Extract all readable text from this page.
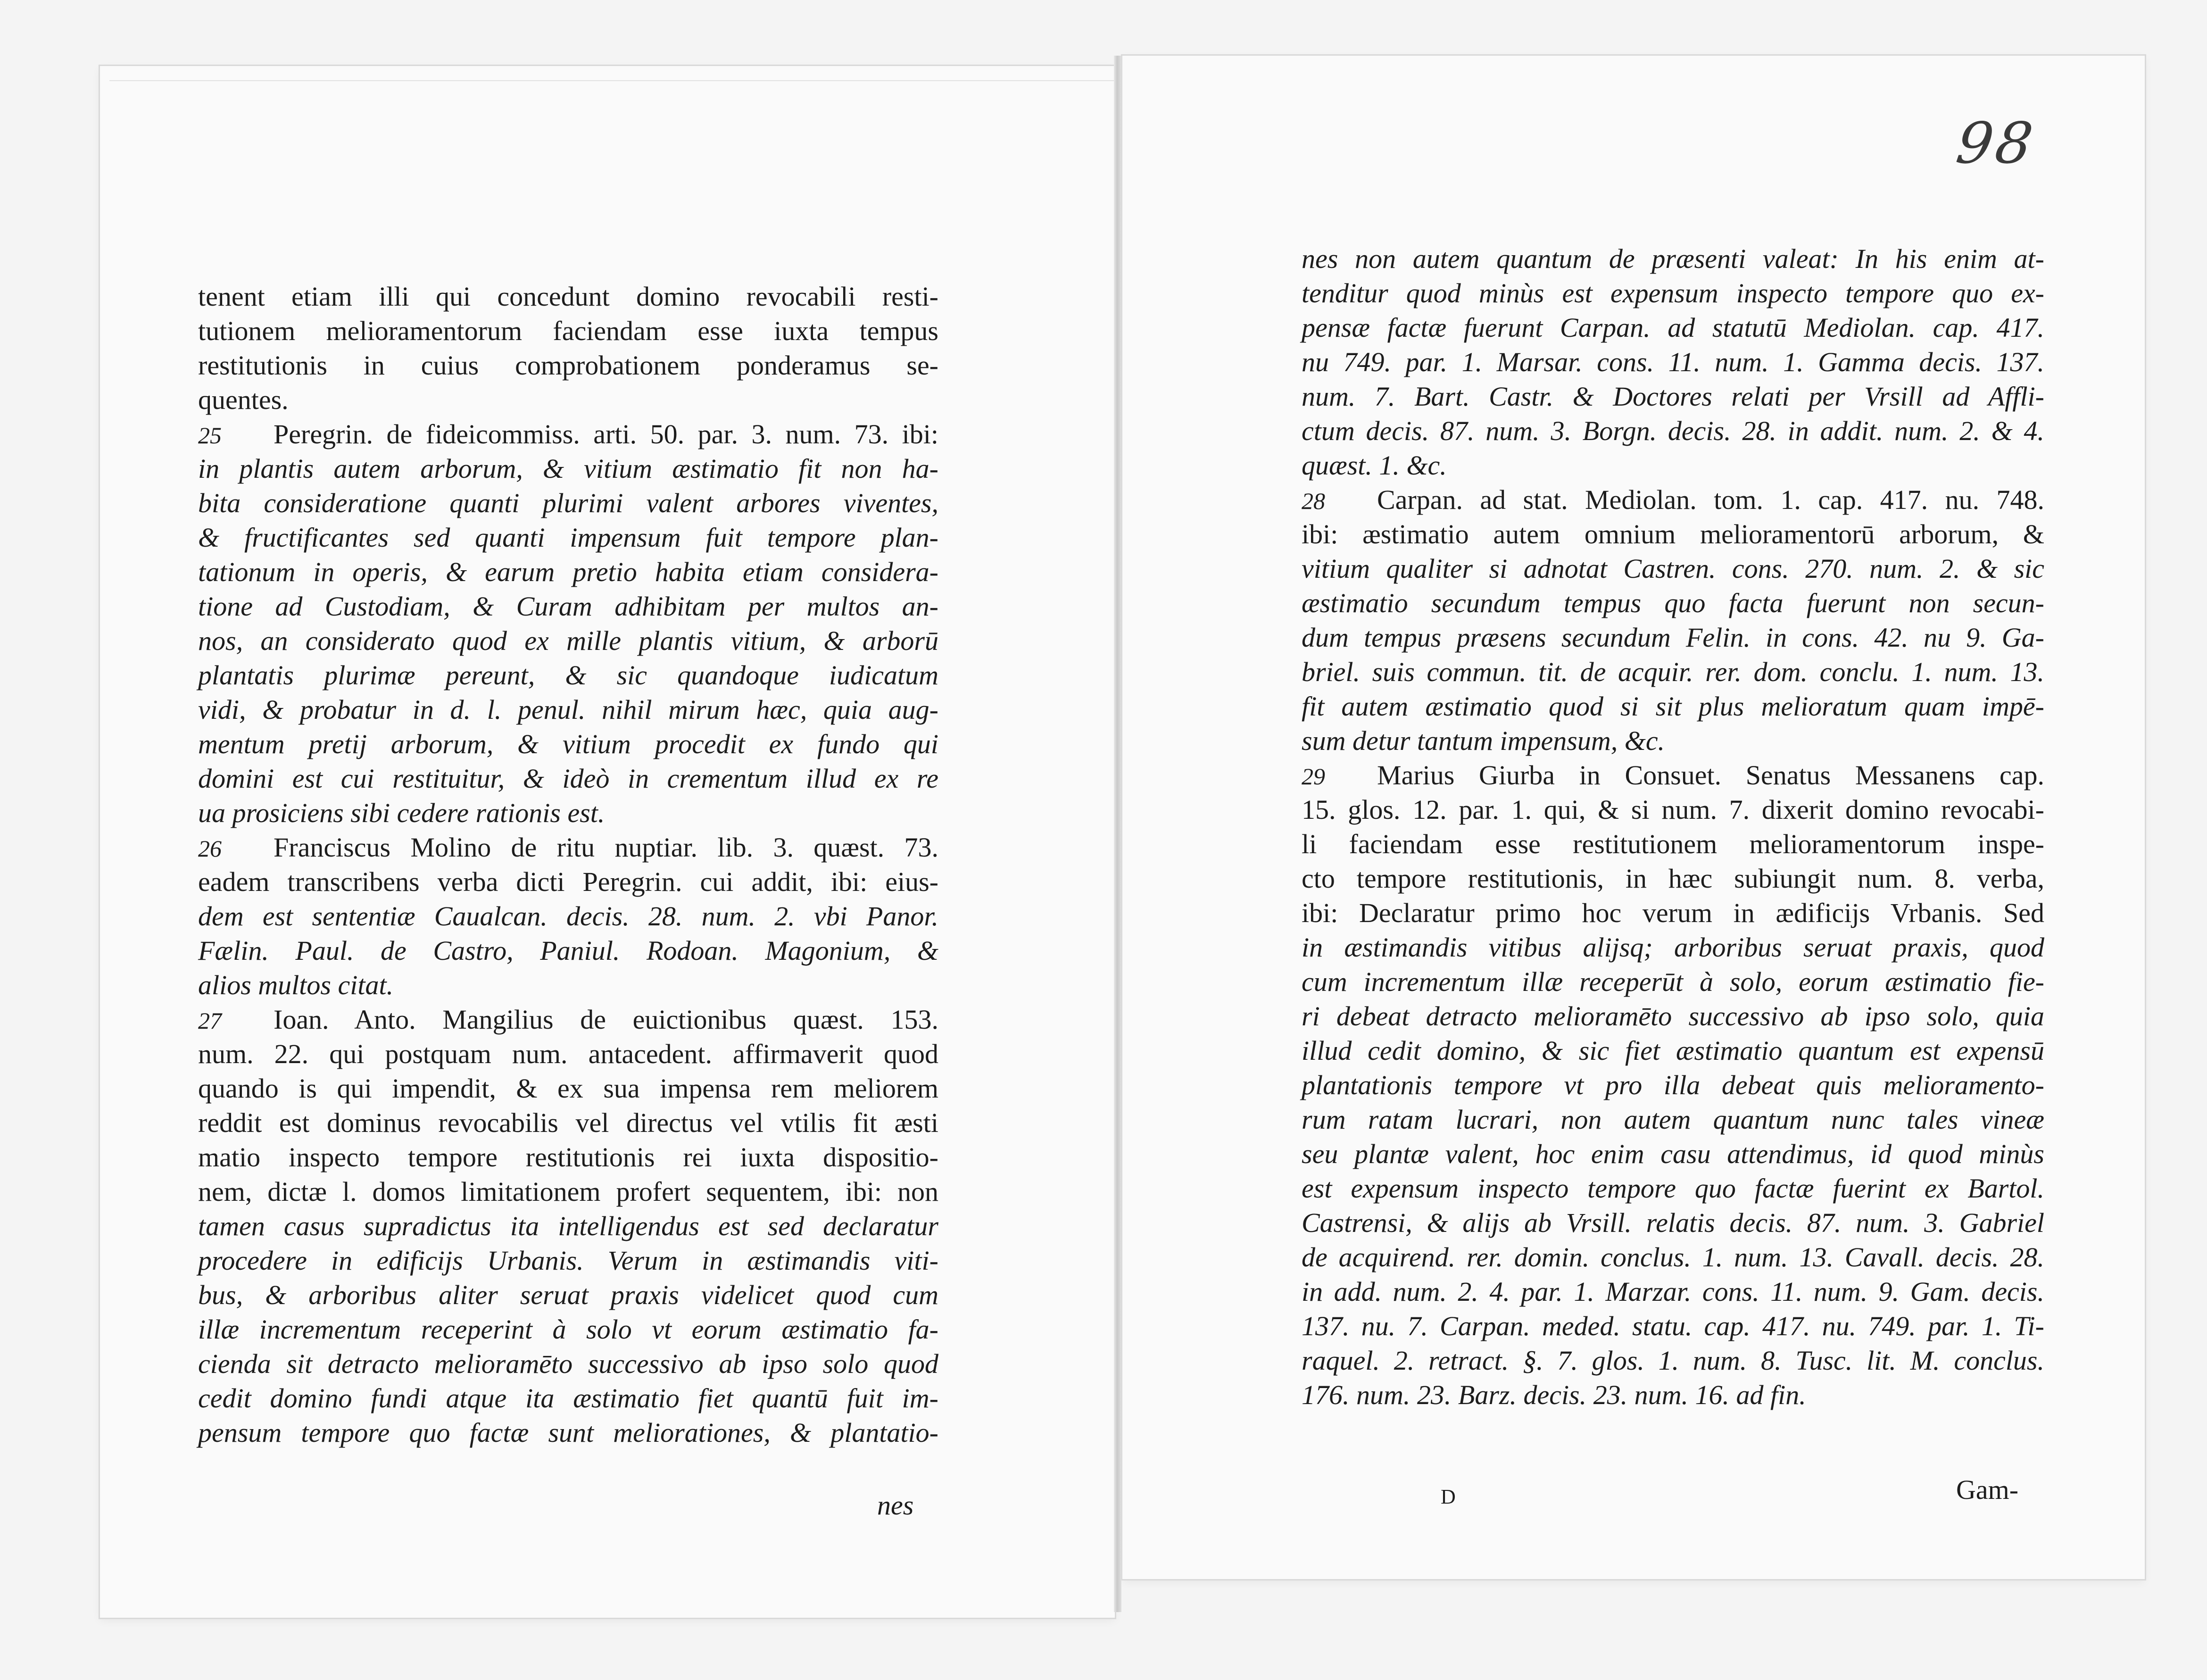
98
tenent etiam illi qui concedunt domino revocabili resti-
tutionem melioramentorum faciendam esse iuxta tempus
restitutionis in cuius comprobationem ponderamus se-
quentes.
25 Peregrin. de fideicommiss. arti. 50. par. 3. num. 73. ibi:
in plantis autem arborum, & vitium æstimatio fit non ha-
bita consideratione quanti plurimi valent arbores viventes,
& fructificantes sed quanti impensum fuit tempore plan-
tationum in operis, & earum pretio habita etiam considera-
tione ad Custodiam, & Curam adhibitam per multos an-
nos, an considerato quod ex mille plantis vitium, & arborū
plantatis plurimæ pereunt, & sic quandoque iudicatum
vidi, & probatur in d. l. penul. nihil mirum hæc, quia aug-
mentum pretij arborum, & vitium procedit ex fundo qui
domini est cui restituitur, & ideò in crementum illud ex re
ua prosiciens sibi cedere rationis est.
26 Franciscus Molino de ritu nuptiar. lib. 3. quæst. 73.
eadem transcribens verba dicti Peregrin. cui addit, ibi: eius-
dem est sententiæ Caualcan. decis. 28. num. 2. vbi Panor.
Fælin. Paul. de Castro, Paniul. Rodoan. Magonium, &
alios multos citat.
27 Ioan. Anto. Mangilius de euictionibus quæst. 153.
num. 22. qui postquam num. antacedent. affirmaverit quod
quando is qui impendit, & ex sua impensa rem meliorem
reddit est dominus revocabilis vel directus vel vtilis fit æsti
matio inspecto tempore restitutionis rei iuxta dispositio-
nem, dictæ l. domos limitationem profert sequentem, ibi: non
tamen casus supradictus ita intelligendus est sed declaratur
procedere in edificijs Urbanis. Verum in æstimandis viti-
bus, & arboribus aliter seruat praxis videlicet quod cum
illæ incrementum receperint à solo vt eorum æstimatio fa-
cienda sit detracto melioramēto successivo ab ipso solo quod
cedit domino fundi atque ita æstimatio fiet quantū fuit im-
pensum tempore quo factæ sunt meliorationes, & plantatio-
nes non autem quantum de præsenti valeat: In his enim at-
tenditur quod minùs est expensum inspecto tempore quo ex-
pensæ factæ fuerunt Carpan. ad statutū Mediolan. cap. 417.
nu 749. par. 1. Marsar. cons. 11. num. 1. Gamma decis. 137.
num. 7. Bart. Castr. & Doctores relati per Vrsill ad Affli-
ctum decis. 87. num. 3. Borgn. decis. 28. in addit. num. 2. & 4.
quæst. 1. &c.
28 Carpan. ad stat. Mediolan. tom. 1. cap. 417. nu. 748.
ibi: æstimatio autem omnium melioramentorū arborum, &
vitium qualiter si adnotat Castren. cons. 270. num. 2. & sic
æstimatio secundum tempus quo facta fuerunt non secun-
dum tempus præsens secundum Felin. in cons. 42. nu 9. Ga-
briel. suis commun. tit. de acquir. rer. dom. conclu. 1. num. 13.
fit autem æstimatio quod si sit plus melioratum quam impē-
sum detur tantum impensum, &c.
29 Marius Giurba in Consuet. Senatus Messanens cap.
15. glos. 12. par. 1. qui, & si num. 7. dixerit domino revocabi-
li faciendam esse restitutionem melioramentorum inspe-
cto tempore restitutionis, in hæc subiungit num. 8. verba,
ibi: Declaratur primo hoc verum in ædificijs Vrbanis. Sed
in æstimandis vitibus alijsq; arboribus seruat praxis, quod
cum incrementum illæ receperūt à solo, eorum æstimatio fie-
ri debeat detracto melioramēto successivo ab ipso solo, quia
illud cedit domino, & sic fiet æstimatio quantum est expensū
plantationis tempore vt pro illa debeat quis melioramento-
rum ratam lucrari, non autem quantum nunc tales vineæ
seu plantæ valent, hoc enim casu attendimus, id quod minùs
est expensum inspecto tempore quo factæ fuerint ex Bartol.
Castrensi, & alijs ab Vrsill. relatis decis. 87. num. 3. Gabriel
de acquirend. rer. domin. conclus. 1. num. 13. Cavall. decis. 28.
in add. num. 2. 4. par. 1. Marzar. cons. 11. num. 9. Gam. decis.
137. nu. 7. Carpan. meded. statu. cap. 417. nu. 749. par. 1. Ti-
raquel. 2. retract. §. 7. glos. 1. num. 8. Tusc. lit. M. conclus.
176. num. 23. Barz. decis. 23. num. 16. ad fin.
nes	D	Gam-
